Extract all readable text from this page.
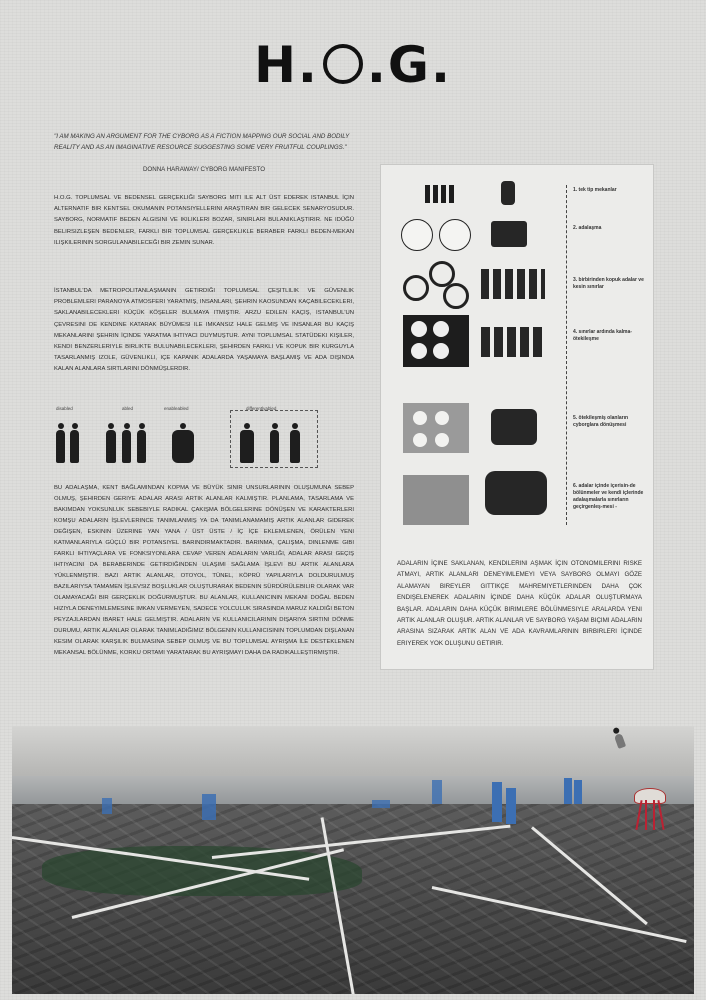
H. .G.
"I AM MAKING AN ARGUMENT FOR THE CYBORG AS A FICTION MAPPING OUR SOCIAL AND BODILY REALITY AND AS AN IMAGINATIVE RESOURCE SUGGESTING SOME VERY FRUITFUL COUPLINGS."
DONNA HARAWAY/ CYBORG MANIFESTO
H.O.G. TOPLUMSAL VE BEDENSEL GERÇEKLIĞI SAYBORG MITI ILE ALT ÜST EDEREK ISTANBUL İÇIN ALTERNATIF BIR KENTSEL OKUMANIN POTANSIYELLERINI ARAŞTIRAN BIR GELECEK SENARYOSUDUR. SAYBORG, NORMATIF BEDEN ALGISINI VE IKILIKLERI BOZAR, SINIRLARI BULANIKLAŞTIRIR. NE IDÜĞÜ BELIRSIZLEŞEN BEDENLER, FARKLI BIR TOPLUMSAL GERÇEKLIKLE BERABER FARKLI BEDEN-MEKAN ILIŞKILERININ SORGULANABILECEĞI BIR ZEMIN SUNAR.
İSTANBUL'DA METROPOLITANLAŞMANIN GETIRDIĞI TOPLUMSAL ÇEŞITLILIK VE GÜVENLIK PROBLEMLERI PARANOYA ATMOSFERI YARATMIŞ, INSANLARI, ŞEHRIN KAOSUNDAN KAÇABILECEKLERI, SAKLANABILECEKLERI KÜÇÜK KÖŞELER BULMAYA ITMIŞTIR. ARZU EDILEN KAÇIŞ, ISTANBUL'UN ÇEVRESINI DE KENDINE KATARAK BÜYÜMESI ILE IMKANSIZ HALE GELMIŞ VE INSANLAR BU KAÇIŞ MEKANLARINI ŞEHRIN İÇINDE YARATMA IHTIYACI DUYMUŞTUR. AYNI TOPLUMSAL STATÜDEKI KIŞILER, KENDI BENZERLERIYLE BIRLIKTE BULUNABILECEKLERI, ŞEHIRDEN FARKLI VE KOPUK BIR KURGUYLA TASARLANMIŞ IZOLE, GÜVENLIKLI, IÇE KAPANIK ADALARDA YAŞAMAYA BAŞLAMIŞ VE ADA DIŞINDA KALAN ALANLARA SIRTLARINI DÖNMÜŞLERDIR.
disabled	abled	enableabled	differentlyabled
BU ADALAŞMA, KENT BAĞLAMINDAN KOPMA VE BÜYÜK SINIR UNSURLARININ OLUŞUMUNA SEBEP OLMUŞ, ŞEHIRDEN GERIYE ADALAR ARASI ARTIK ALANLAR KALMIŞTIR. PLANLAMA, TASARLAMA VE BAKIMDAN YOKSUNLUK SEBEBIYLE RADIKAL ÇAKIŞMA BÖLGELERINE DÖNÜŞEN VE KARAKTERLERI KOMŞU ADALARIN İŞLEVLERINCE TANIMLANMIŞ YA DA TANIMLANAMAMIŞ ARTIK ALANLAR GIDEREK DEĞIŞEN, ESKININ ÜZERINE YAN YANA / ÜST ÜSTE / İÇ İÇE EKLEMLENEN, ÖRÜLEN YENI KATMANLARIYLA GÜÇLÜ BIR POTANSIYEL BARINDIRMAKTADIR. BARINMA, ÇALIŞMA, DINLENME GIBI FARKLI IHTIYAÇLARA VE FONKSIYONLARA CEVAP VEREN ADALARIN VARLIĞI, ADALAR ARASI GEÇIŞ IHTIYACINI DA BERABERINDE GETIRDIĞINDEN ULAŞIMI SAĞLAMA İŞLEVI BU ARTIK ALANLARA YÜKLENMIŞTIR. BAZI ARTIK ALANLAR, OTOYOL, TÜNEL, KÖPRÜ YAPILARIYLA DOLDURULMUŞ BAZILARIYSA TAMAMEN İŞLEVSIZ BOŞLUKLAR OLUŞTURARAK BEDENIN SÜRDÜRÜLEBILIR OLARAK VAR OLAMAYACAĞI BIR GERÇEKLIK DOĞURMUŞTUR. BU ALANLAR, KULLANICININ MEKANI DOĞAL BEDEN HIZIYLA DENEYIMLEMESINE IMKAN VERMEYEN, SADECE YOLCULUK SIRASINDA MARUZ KALDIĞI BETON PEYZAJLARDAN IBARET HALE GELMIŞTIR. ADALARIN VE KULLANICILARININ DIŞARIYA SIRTINI DÖNME DURUMU, ARTIK ALANLAR OLARAK TANIMLADIĞIMIZ BÖLGENIN KULLANICISININ TOPLUMDAN DIŞLANAN KESIM OLARAK KARŞILIK BULMASINA SEBEP OLMUŞ VE BU TOPLUMSAL AYRIŞMA İLE DESTEKLENEN MEKANSAL BÖLÜNME, KORKU ORTAMI YARATARAK BU AYRIŞMAYI DAHA DA RADIKALLEŞTIRMIŞTIR.
1. tek tip mekanlar
2. adalaşma
3. birbirinden kopuk adalar ve kesin sınırlar
4. sınırlar ardında kalma- ötekileşme
5. ötekileşmiş olanların cyborglara dönüşmesi
6. adalar içinde içerisin-de bölünmeler ve kendi içlerinde adalaşmalarla sınırların geçirgenleş-mesi -
ADALARIN İÇINE SAKLANAN, KENDILERINI AŞMAK İÇIN OTONOMILERINI RISKE ATMAYI, ARTIK ALANLARI DENEYIMLEMEYI VEYA SAYBORG OLMAYI GÖZE ALAMAYAN BIREYLER GITTIKÇE MAHREMIYETLERINDEN DAHA ÇOK ENDIŞELENEREK ADALARIN İÇINDE DAHA KÜÇÜK ADALAR OLUŞTURMAYA BAŞLAR. ADALARIN DAHA KÜÇÜK BIRIMLERE BÖLÜNMESIYLE ARALARDA YENI ARTIK ALANLAR OLUŞUR. ARTIK ALANLAR VE SAYBORG YAŞAM BIÇIMI ADALARIN ARASINA SIZARAK ARTIK ALAN VE ADA KAVRAMLARININ BIRBIRLERI İÇINDE ERIYEREK YOK OLUŞUNU GETIRIR.
